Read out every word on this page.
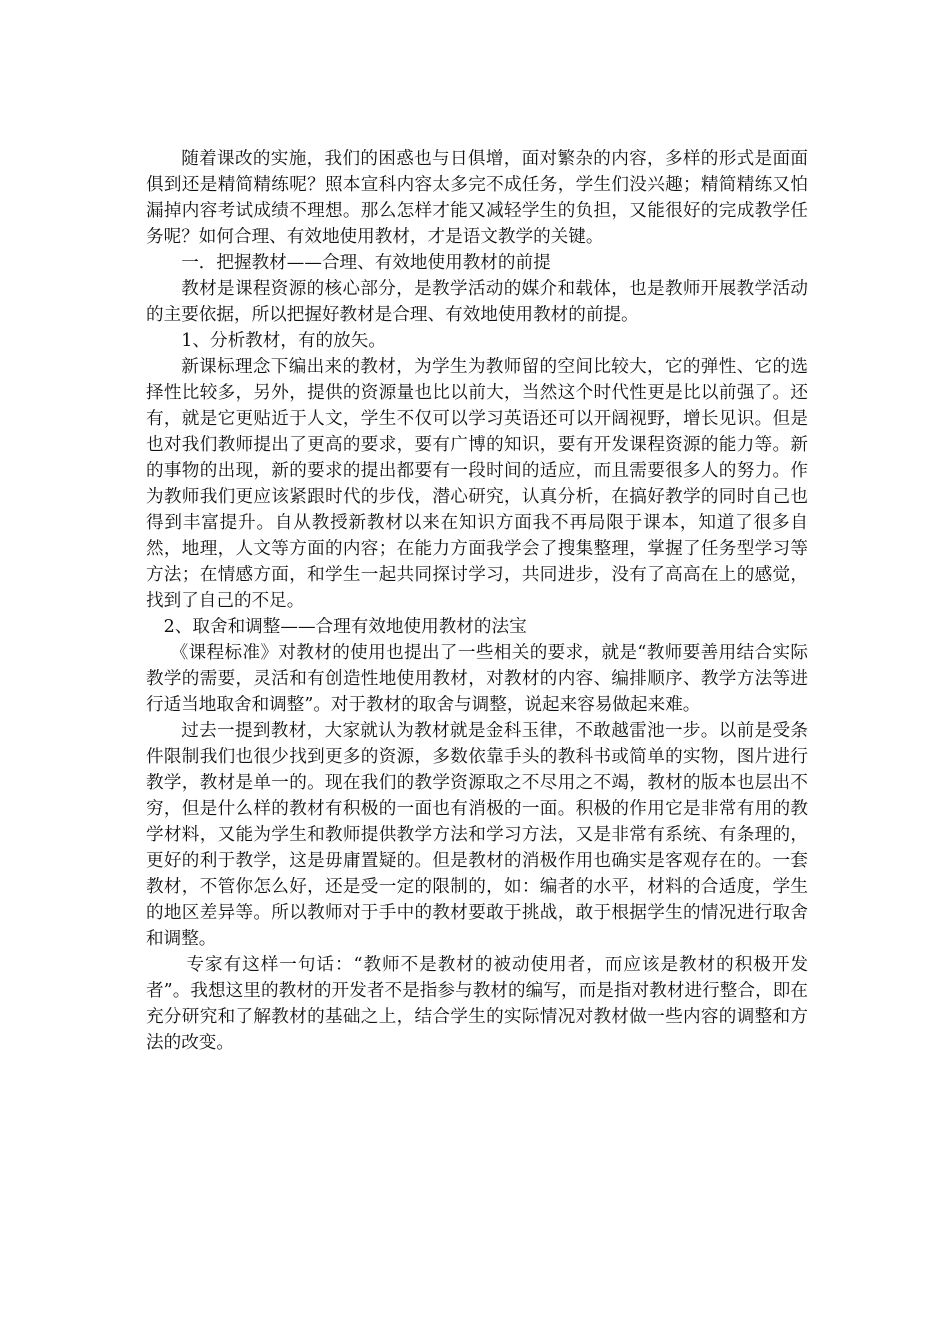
随着课改的实施，我们的困惑也与日俱增，面对繁杂的内容，多样的形式是面面俱到还是精简精练呢？照本宣科内容太多完不成任务，学生们没兴趣；精简精练又怕漏掉内容考试成绩不理想。那么怎样才能又减轻学生的负担，又能很好的完成教学任务呢？如何合理、有效地使用教材，才是语文教学的关键。

一．把握教材——合理、有效地使用教材的前提

教材是课程资源的核心部分，是教学活动的媒介和载体，也是教师开展教学活动的主要依据，所以把握好教材是合理、有效地使用教材的前提。

1、分析教材，有的放矢。

新课标理念下编出来的教材，为学生为教师留的空间比较大，它的弹性、它的选择性比较多，另外，提供的资源量也比以前大，当然这个时代性更是比以前强了。还有，就是它更贴近于人文，学生不仅可以学习英语还可以开阔视野，增长见识。但是也对我们教师提出了更高的要求，要有广博的知识，要有开发课程资源的能力等。新的事物的出现，新的要求的提出都要有一段时间的适应，而且需要很多人的努力。作为教师我们更应该紧跟时代的步伐，潜心研究，认真分析，在搞好教学的同时自己也得到丰富提升。自从教授新教材以来在知识方面我不再局限于课本，知道了很多自然，地理，人文等方面的内容；在能力方面我学会了搜集整理，掌握了任务型学习等方法；在情感方面，和学生一起共同探讨学习，共同进步，没有了高高在上的感觉，找到了自己的不足。

2、取舍和调整——合理有效地使用教材的法宝

《课程标准》对教材的使用也提出了一些相关的要求，就是“教师要善用结合实际教学的需要，灵活和有创造性地使用教材，对教材的内容、编排顺序、教学方法等进行适当地取舍和调整”。对于教材的取舍与调整，说起来容易做起来难。

过去一提到教材，大家就认为教材就是金科玉律，不敢越雷池一步。以前是受条件限制我们也很少找到更多的资源，多数依靠手头的教科书或简单的实物，图片进行教学，教材是单一的。现在我们的教学资源取之不尽用之不竭，教材的版本也层出不穷，但是什么样的教材有积极的一面也有消极的一面。积极的作用它是非常有用的教学材料，又能为学生和教师提供教学方法和学习方法，又是非常有系统、有条理的，更好的利于教学，这是毋庸置疑的。但是教材的消极作用也确实是客观存在的。一套教材，不管你怎么好，还是受一定的限制的，如：编者的水平，材料的合适度，学生的地区差异等。所以教师对于手中的教材要敢于挑战，敢于根据学生的情况进行取舍和调整。

专家有这样一句话：“教师不是教材的被动使用者，而应该是教材的积极开发者”。我想这里的教材的开发者不是指参与教材的编写，而是指对教材进行整合，即在充分研究和了解教材的基础之上，结合学生的实际情况对教材做一些内容的调整和方法的改变。
